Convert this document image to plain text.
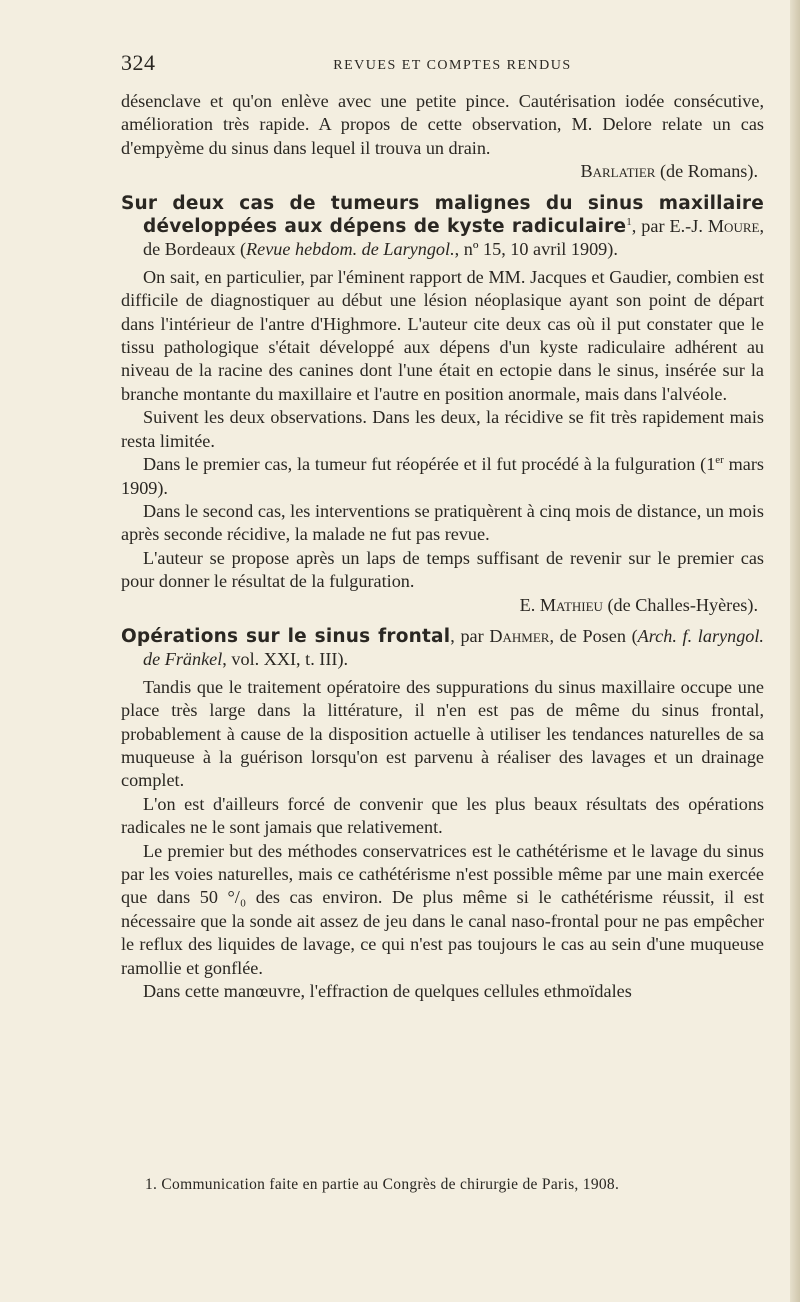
324	REVUES ET COMPTES RENDUS

désenclave et qu'on enlève avec une petite pince. Cautérisation iodée consécutive, amélioration très rapide. A propos de cette observation, M. Delore relate un cas d'empyème du sinus dans lequel il trouva un drain.

Barlatier (de Romans).

Sur deux cas de tumeurs malignes du sinus maxillaire développées aux dépens de kyste radiculaire$^1$, par E.-J. Moure, de Bordeaux (Revue hebdom. de Laryngol., nº 15, 10 avril 1909).

On sait, en particulier, par l'éminent rapport de MM. Jacques et Gaudier, combien est difficile de diagnostiquer au début une lésion néoplasique ayant son point de départ dans l'intérieur de l'antre d'Highmore. L'auteur cite deux cas où il put constater que le tissu pathologique s'était développé aux dépens d'un kyste radiculaire adhérent au niveau de la racine des canines dont l'une était en ectopie dans le sinus, insérée sur la branche montante du maxillaire et l'autre en position anormale, mais dans l'alvéole.

Suivent les deux observations. Dans les deux, la récidive se fit très rapidement mais resta limitée.

Dans le premier cas, la tumeur fut réopérée et il fut procédé à la fulguration (1er mars 1909).

Dans le second cas, les interventions se pratiquèrent à cinq mois de distance, un mois après seconde récidive, la malade ne fut pas revue.

L'auteur se propose après un laps de temps suffisant de revenir sur le premier cas pour donner le résultat de la fulguration.

E. Mathieu (de Challes-Hyères).

Opérations sur le sinus frontal, par Dahmer, de Posen (Arch. f. laryngol. de Fränkel, vol. XXI, t. III).

Tandis que le traitement opératoire des suppurations du sinus maxillaire occupe une place très large dans la littérature, il n'en est pas de même du sinus frontal, probablement à cause de la disposition actuelle à utiliser les tendances naturelles de sa muqueuse à la guérison lorsqu'on est parvenu à réaliser des lavages et un drainage complet.

L'on est d'ailleurs forcé de convenir que les plus beaux résultats des opérations radicales ne le sont jamais que relativement.

Le premier but des méthodes conservatrices est le cathétérisme et le lavage du sinus par les voies naturelles, mais ce cathétérisme n'est possible même par une main exercée que dans 50 °/₀ des cas environ. De plus même si le cathétérisme réussit, il est nécessaire que la sonde ait assez de jeu dans le canal naso-frontal pour ne pas empêcher le reflux des liquides de lavage, ce qui n'est pas toujours le cas au sein d'une muqueuse ramollie et gonflée.

Dans cette manœuvre, l'effraction de quelques cellules ethmoïdales

1. Communication faite en partie au Congrès de chirurgie de Paris, 1908.
